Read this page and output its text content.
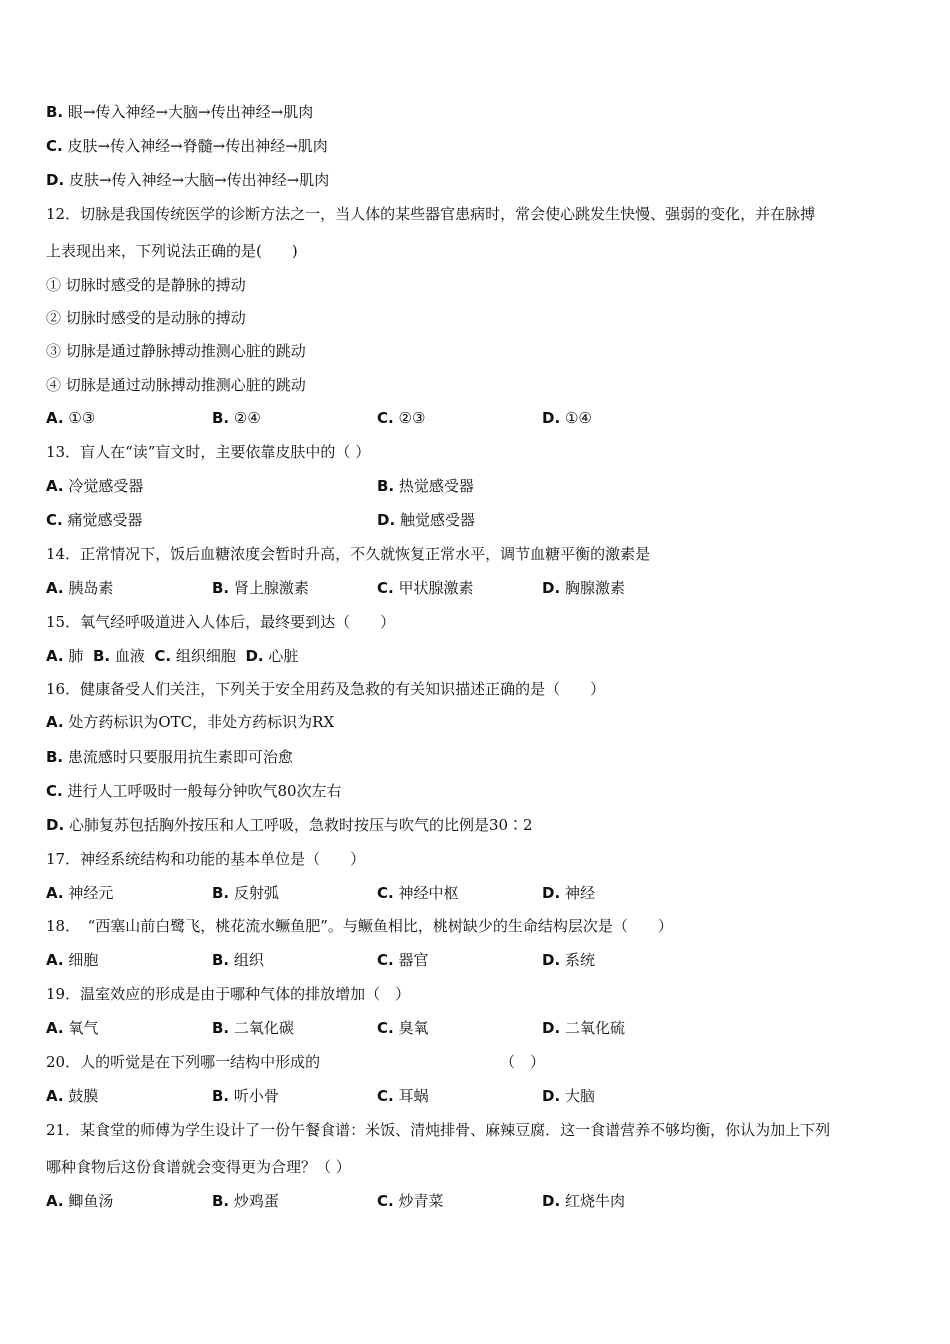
B. 眼→传入神经→大脑→传出神经→肌肉
C. 皮肤→传入神经→脊髓→传出神经→肌肉
D. 皮肤→传入神经→大脑→传出神经→肌肉
12．切脉是我国传统医学的诊断方法之一，当人体的某些器官患病时，常会使心跳发生快慢、强弱的变化，并在脉搏
上表现出来，下列说法正确的是(　　)
① 切脉时感受的是静脉的搏动
② 切脉时感受的是动脉的搏动
③ 切脉是通过静脉搏动推测心脏的跳动
④ 切脉是通过动脉搏动推测心脏的跳动
A. ①③	B. ②④	C. ②③	D. ①④
13．盲人在“读”盲文时，主要依靠皮肤中的（ ）
A. 冷觉感受器	B. 热觉感受器
C. 痛觉感受器	D. 触觉感受器
14．正常情况下，饭后血糖浓度会暂时升高，不久就恢复正常水平，调节血糖平衡的激素是
A. 胰岛素	B. 肾上腺激素	C. 甲状腺激素	D. 胸腺激素
15．氧气经呼吸道进入人体后，最终要到达（　　）
A. 肺 B. 血液 C. 组织细胞 D. 心脏
16．健康备受人们关注，下列关于安全用药及急救的有关知识描述正确的是（　　）
A. 处方药标识为OTC，非处方药标识为RX
B. 患流感时只要服用抗生素即可治愈
C. 进行人工呼吸时一般每分钟吹气80次左右
D. 心肺复苏包括胸外按压和人工呼吸，急救时按压与吹气的比例是30∶2
17．神经系统结构和功能的基本单位是（　　）
A. 神经元	B. 反射弧	C. 神经中枢	D. 神经
18．　“西塞山前白鹭飞，桃花流水鳜鱼肥”。与鳜鱼相比，桃树缺少的生命结构层次是（　　）
A. 细胞	B. 组织	C. 器官	D. 系统
19．温室效应的形成是由于哪种气体的排放增加（　）
A. 氧气	B. 二氧化碳	C. 臭氧	D. 二氧化硫
20．人的听觉是在下列哪一结构中形成的	（　）
A. 鼓膜	B. 听小骨	C. 耳蜗	D. 大脑
21．某食堂的师傅为学生设计了一份午餐食谱：米饭、清炖排骨、麻辣豆腐．这一食谱营养不够均衡，你认为加上下列
哪种食物后这份食谱就会变得更为合理？（ ）
A. 鲫鱼汤	B. 炒鸡蛋	C. 炒青菜	D. 红烧牛肉
